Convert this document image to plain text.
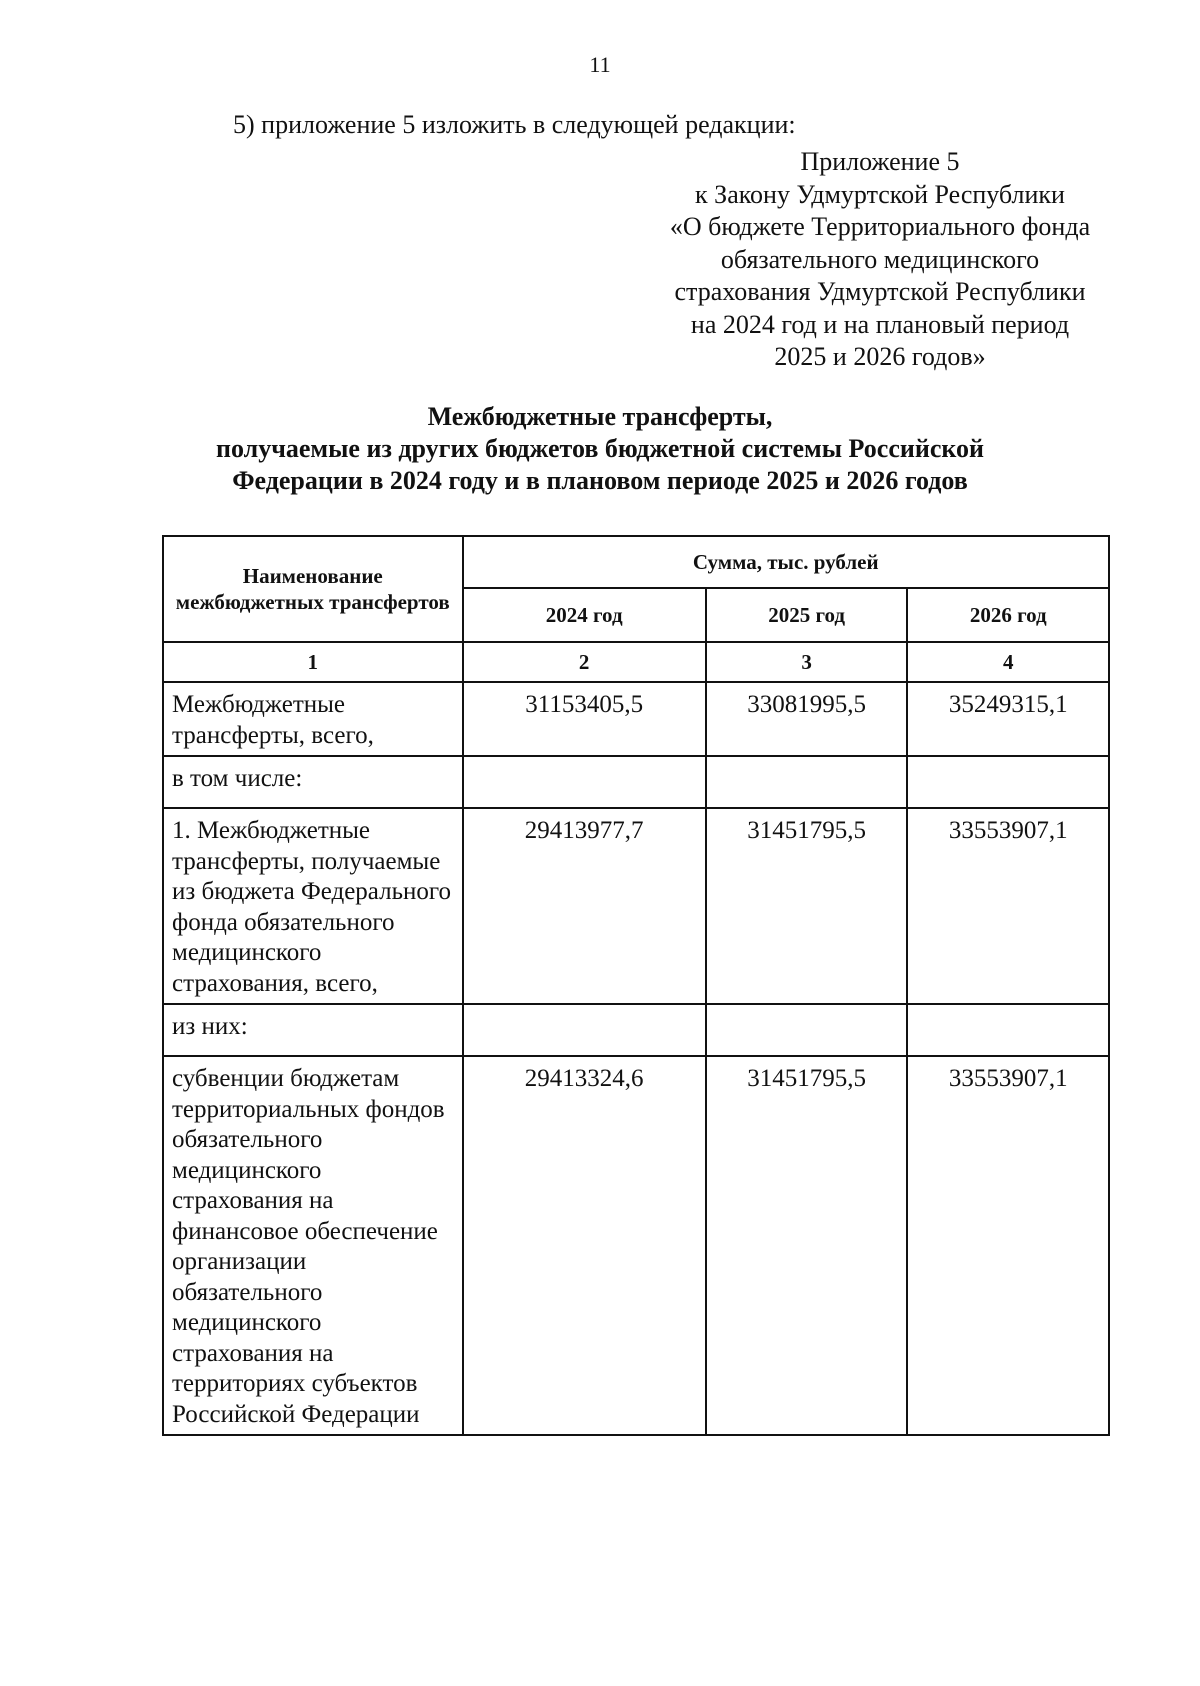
11
5) приложение 5 изложить в следующей редакции:
Приложение 5
к Закону Удмуртской Республики
«О бюджете Территориального фонда
обязательного медицинского
страхования Удмуртской Республики
на 2024 год и на плановый период
2025 и 2026 годов»
Межбюджетные трансферты,
получаемые из других бюджетов бюджетной системы Российской
Федерации в 2024 году и в плановом периоде 2025 и 2026 годов
Наименование межбюджетных трансфертов	Сумма, тыс. рублей		
	2024 год	2025 год	2026 год
1	2	3	4
Межбюджетные трансферты, всего,	31153405,5	33081995,5	35249315,1
в том числе:			
1. Межбюджетные трансферты, получаемые из бюджета Федерального фонда обязательного медицинского страхования, всего,	29413977,7	31451795,5	33553907,1
из них:			
субвенции бюджетам территориальных фондов обязательного медицинского страхования на финансовое обеспечение организации обязательного медицинского страхования на территориях субъектов Российской Федерации	29413324,6	31451795,5	33553907,1
